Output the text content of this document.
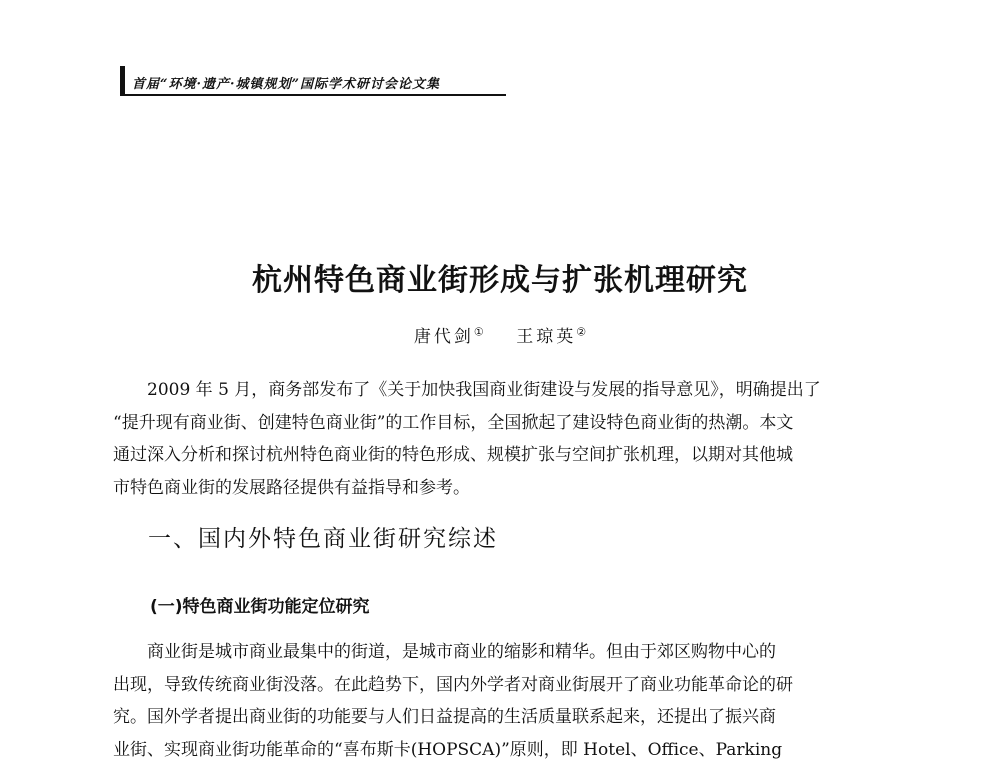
首届“环境·遗产·城镇规划”国际学术研讨会论文集
杭州特色商业街形成与扩张机理研究
唐代剑① 王琼英②

2009 年 5 月，商务部发布了《关于加快我国商业街建设与发展的指导意见》，明确提出了
“提升现有商业街、创建特色商业街”的工作目标，全国掀起了建设特色商业街的热潮。本文
通过深入分析和探讨杭州特色商业街的特色形成、规模扩张与空间扩张机理，以期对其他城
市特色商业街的发展路径提供有益指导和参考。

一、国内外特色商业街研究综述
(一)特色商业街功能定位研究

商业街是城市商业最集中的街道，是城市商业的缩影和精华。但由于郊区购物中心的
出现，导致传统商业街没落。在此趋势下，国内外学者对商业街展开了商业功能革命论的研
究。国外学者提出商业街的功能要与人们日益提高的生活质量联系起来，还提出了振兴商
业街、实现商业街功能革命的“喜布斯卡(HOPSCA)”原则，即 Hotel、Office、Parking
